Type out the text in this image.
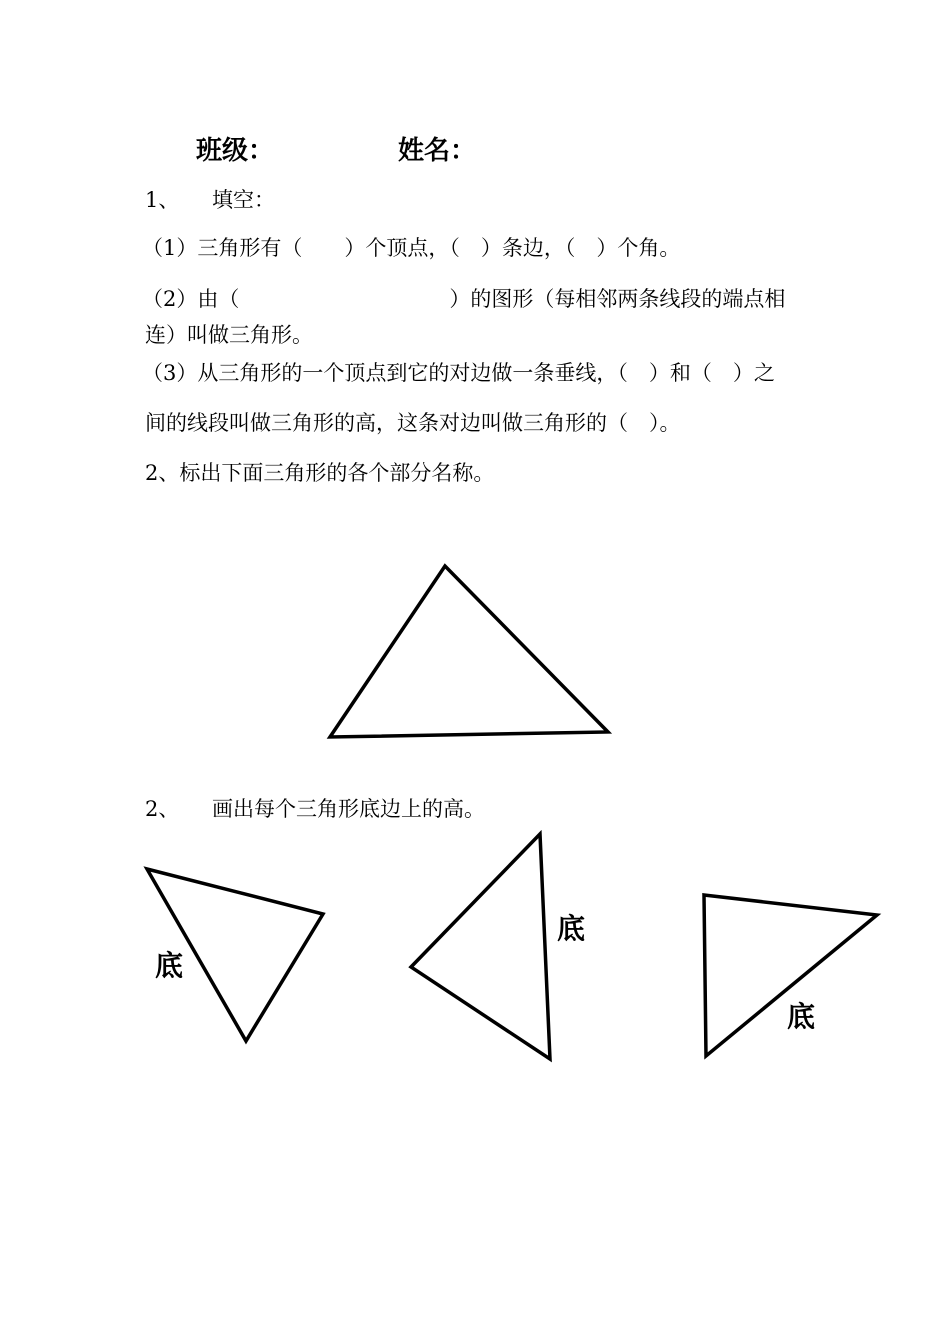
班级：	姓名：
1、 填空：
（1）三角形有（　　）个顶点，（　）条边，（　）个角。
（2）由（　　　　　　　　　　）的图形（每相邻两条线段的端点相
连）叫做三角形。
（3）从三角形的一个顶点到它的对边做一条垂线，（　）和（　）之
间的线段叫做三角形的高，这条对边叫做三角形的（　）。
2、标出下面三角形的各个部分名称。
2、 画出每个三角形底边上的高。
底
底
底
